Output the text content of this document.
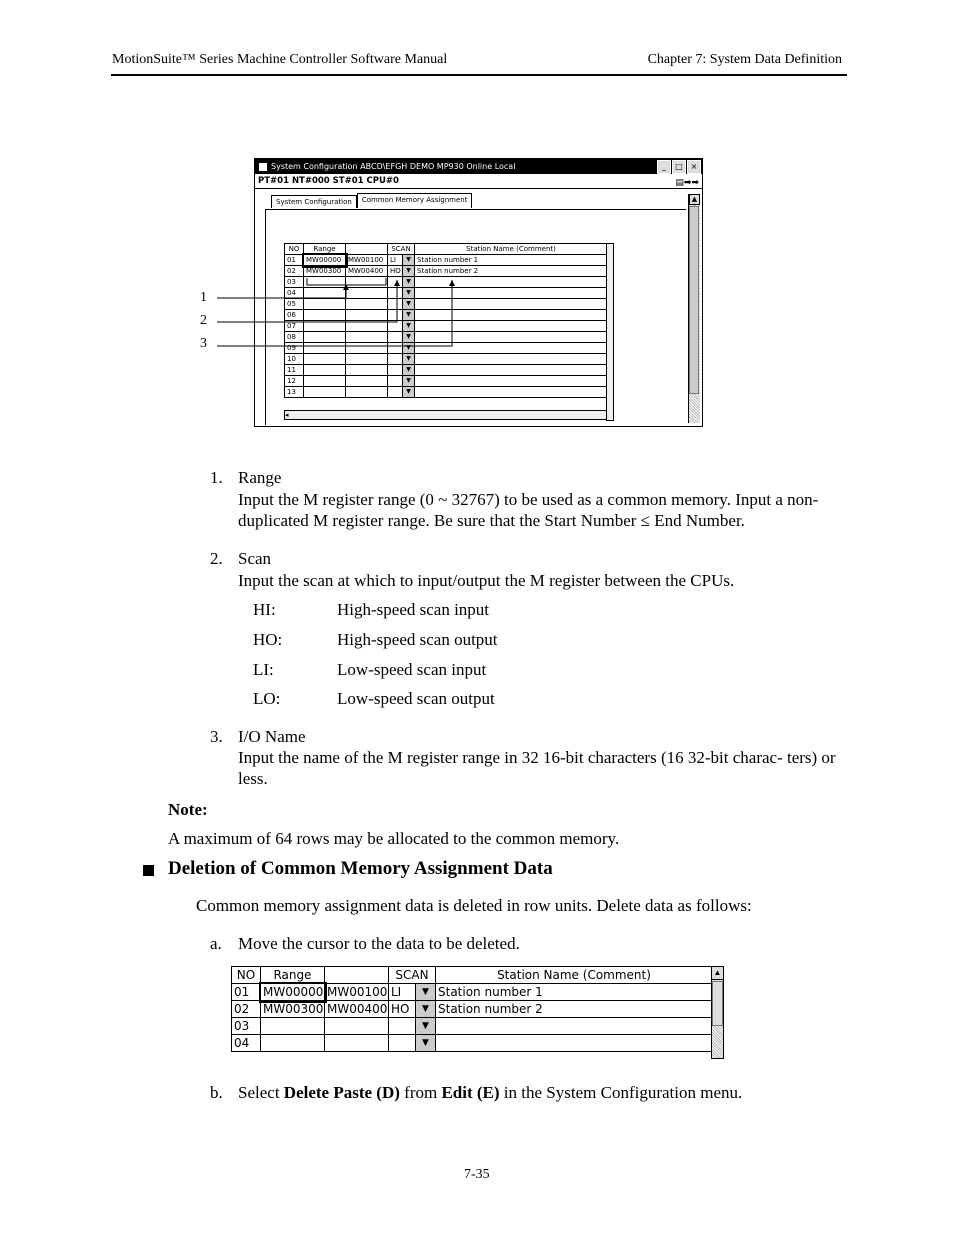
MotionSuite™ Series Machine Controller Software Manual	Chapter 7: System Data Definition
System Configuration ABCD\EFGH DEMO MP930 Online Local	_	□ ×
PT#01 NT#000 ST#01 CPU#0	▤➡➡
System Configuration	Common Memory Assignment	▲
NO	Range		SCAN		Station Name (Comment)
01	MW00000	MW00100	LI	▼	Station number 1
02	MW00300	MW00400	HO	▼	Station number 2
03				▼	
04				▼	
05				▼	
06				▼	
07				▼	
08				▼	
09				▼	
10				▼	
11				▼	
12				▼	
13				▼	
◂
1
2
3
1. Range
Input the M register range (0 ~ 32767) to be used as a common memory. Input a non-duplicated M register range. Be sure that the Start Number ≤ End Number.
2. Scan
Input the scan at which to input/output the M register between the CPUs.
HI:	High-speed scan input
HO:	High-speed scan output
LI:	Low-speed scan input
LO:	Low-speed scan output
3. I/O Name
Input the name of the M register range in 32 16-bit characters (16 32-bit charac- ters) or less.
Note:
A maximum of 64 rows may be allocated to the common memory.
Deletion of Common Memory Assignment Data
Common memory assignment data is deleted in row units. Delete data as follows:
a. Move the cursor to the data to be deleted.
NO	Range		SCAN		Station Name (Comment)
01	MW00000	MW00100	LI	▼	Station number 1
02	MW00300	MW00400	HO	▼	Station number 2
03				▼	
04				▼	
▲
b. Select Delete Paste (D) from Edit (E) in the System Configuration menu.
7-35
